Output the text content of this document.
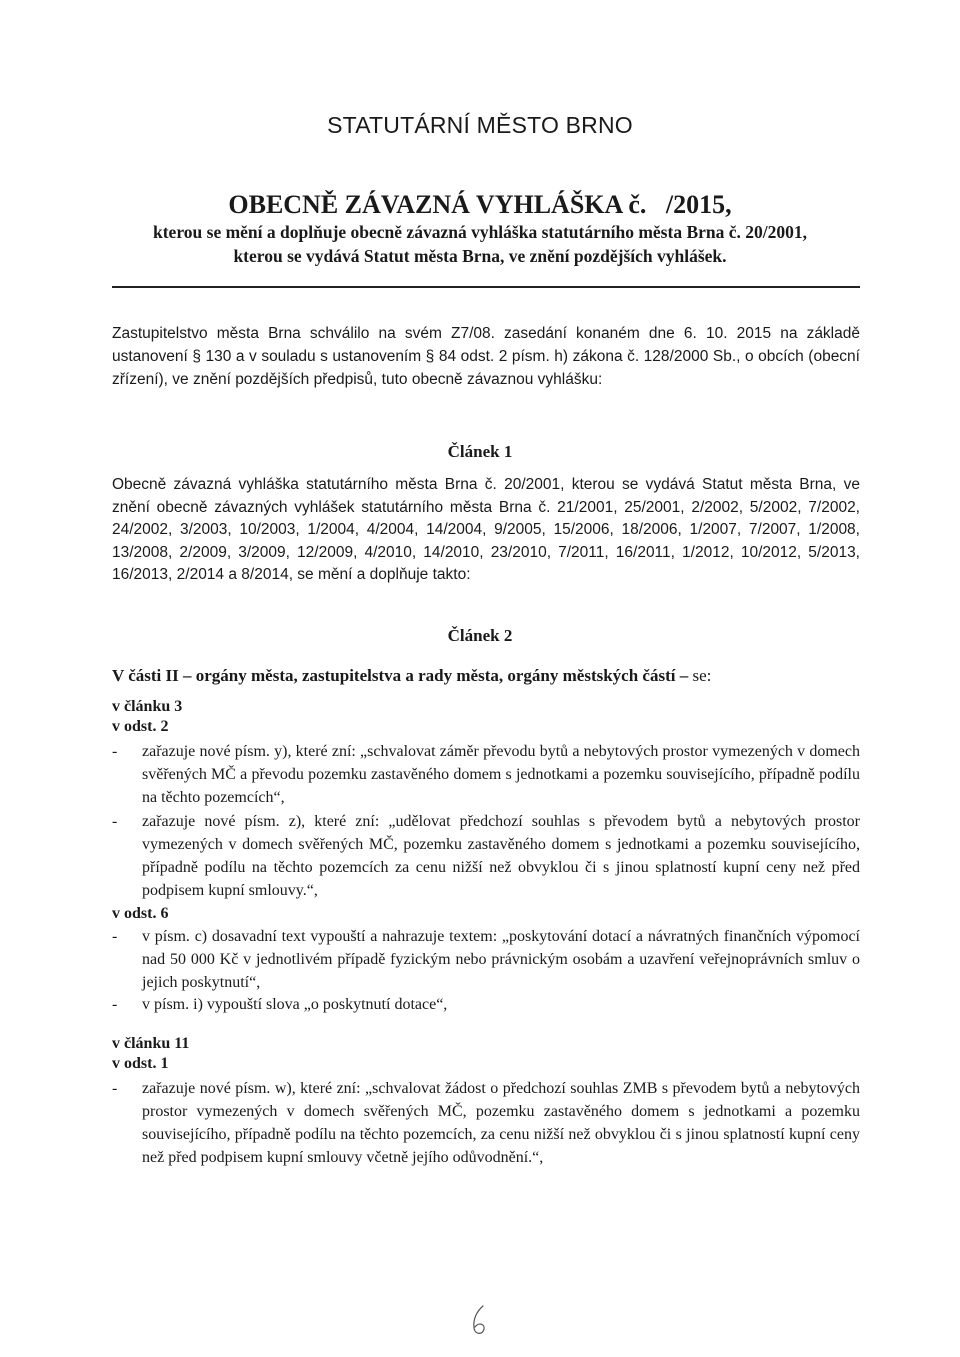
STATUTÁRNÍ MĚSTO BRNO
OBECNĚ ZÁVAZNÁ VYHLÁŠKA č.   /2015,
kterou se mění a doplňuje obecně závazná vyhláška statutárního města Brna č. 20/2001,
kterou se vydává Statut města Brna, ve znění pozdějších vyhlášek.
Zastupitelstvo města Brna schválilo na svém Z7/08. zasedání konaném dne 6. 10. 2015 na základě ustanovení § 130 a v souladu s ustanovením § 84 odst. 2 písm. h) zákona č. 128/2000 Sb., o obcích (obecní zřízení), ve znění pozdějších předpisů, tuto obecně závaznou vyhlášku:
Článek 1
Obecně závazná vyhláška statutárního města Brna č. 20/2001, kterou se vydává Statut města Brna, ve znění obecně závazných vyhlášek statutárního města Brna č. 21/2001, 25/2001, 2/2002, 5/2002, 7/2002, 24/2002, 3/2003, 10/2003, 1/2004, 4/2004, 14/2004, 9/2005, 15/2006, 18/2006, 1/2007, 7/2007, 1/2008, 13/2008, 2/2009, 3/2009, 12/2009, 4/2010, 14/2010, 23/2010, 7/2011, 16/2011, 1/2012, 10/2012, 5/2013, 16/2013, 2/2014 a 8/2014, se mění a doplňuje takto:
Článek 2
V části II – orgány města, zastupitelstva a rady města, orgány městských částí – se:
v článku 3
v odst. 2
-	zařazuje nové písm. y), které zní: „schvalovat záměr převodu bytů a nebytových prostor vymezených v domech svěřených MČ a převodu pozemku zastavěného domem s jednotkami a pozemku souvisejícího, případně podílu na těchto pozemcích“,
-	zařazuje nové písm. z), které zní: „udělovat předchozí souhlas s převodem bytů a nebytových prostor vymezených v domech svěřených MČ, pozemku zastavěného domem s jednotkami a pozemku souvisejícího, případně podílu na těchto pozemcích za cenu nižší než obvyklou či s jinou splatností kupní ceny než před podpisem kupní smlouvy.“,
v odst. 6
-	v písm. c) dosavadní text vypouští a nahrazuje textem: „poskytování dotací a návratných finančních výpomocí nad 50 000 Kč v jednotlivém případě fyzickým nebo právnickým osobám a uzavření veřejnoprávních smluv o jejich poskytnutí“,
-	v písm. i) vypouští slova „o poskytnutí dotace“,
v článku 11
v odst. 1
-	zařazuje nové písm. w), které zní: „schvalovat žádost o předchozí souhlas ZMB s převodem bytů a nebytových prostor vymezených v domech svěřených MČ, pozemku zastavěného domem s jednotkami a pozemku souvisejícího, případně podílu na těchto pozemcích, za cenu nižší než obvyklou či s jinou splatností kupní ceny než před podpisem kupní smlouvy včetně jejího odůvodnění.“,
